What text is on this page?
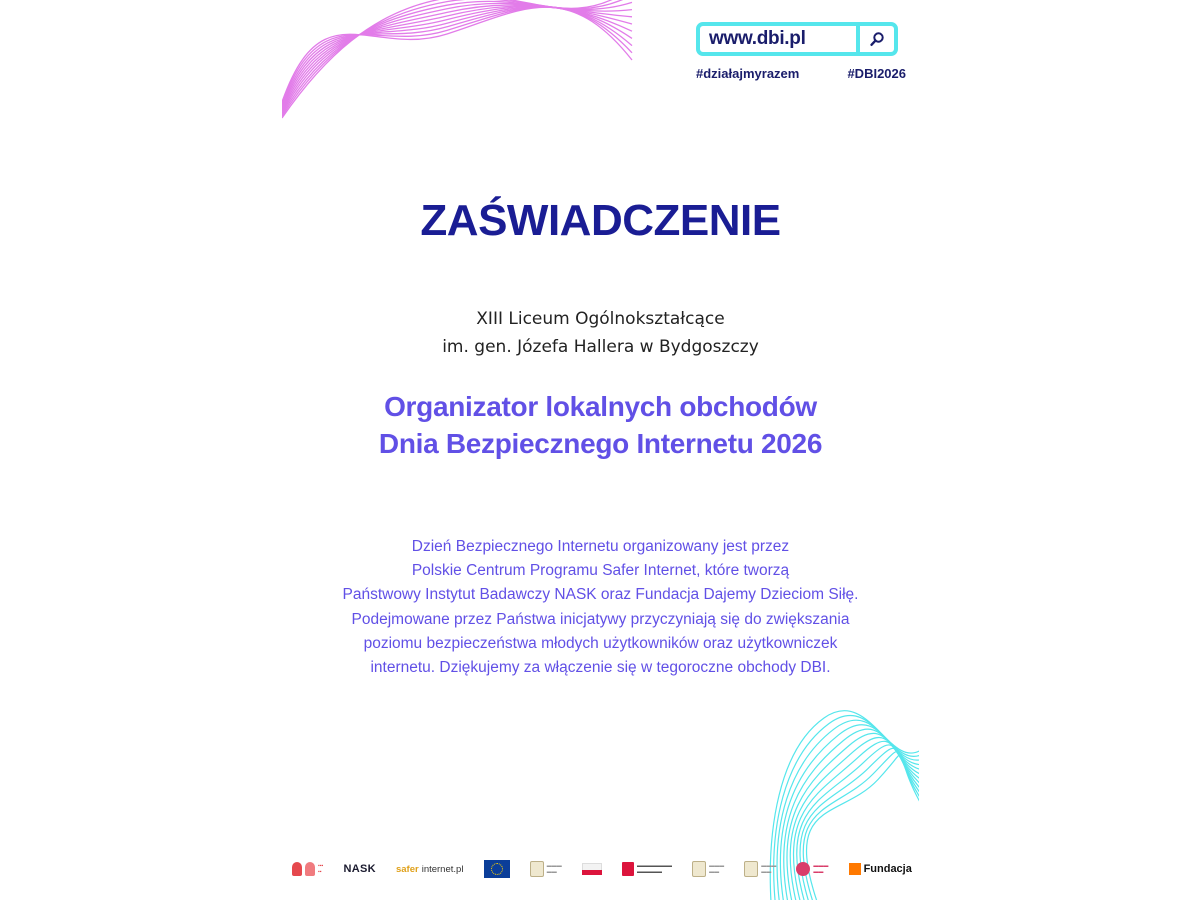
www.dbi.pl
#działajmyrazem	#DBI2026
ZAŚWIADCZENIE
XIII Liceum Ogólnokształcące
im. gen. Józefa Hallera w Bydgoszczy
Organizator lokalnych obchodów
Dnia Bezpiecznego Internetu 2026
Dzień Bezpiecznego Internetu organizowany jest przez
Polskie Centrum Programu Safer Internet, które tworzą
Państwowy Instytut Badawczy NASK oraz Fundacja Dajemy Dzieciom Siłę.
Podejmowane przez Państwa inicjatywy przyczyniają się do zwiększania
poziomu bezpieczeństwa młodych użytkowników oraz użytkowniczek
internetu. Dziękujemy za włączenie się w tegoroczne obchody DBI.
▪▪▪
▪▪ NASK safer internet.pl	▬▬▬
▬▬
▬▬▬▬▬▬▬
▬▬▬▬▬
▬▬▬
▬▬
▬▬▬
▬▬
▬▬▬
▬▬	Fundacja
